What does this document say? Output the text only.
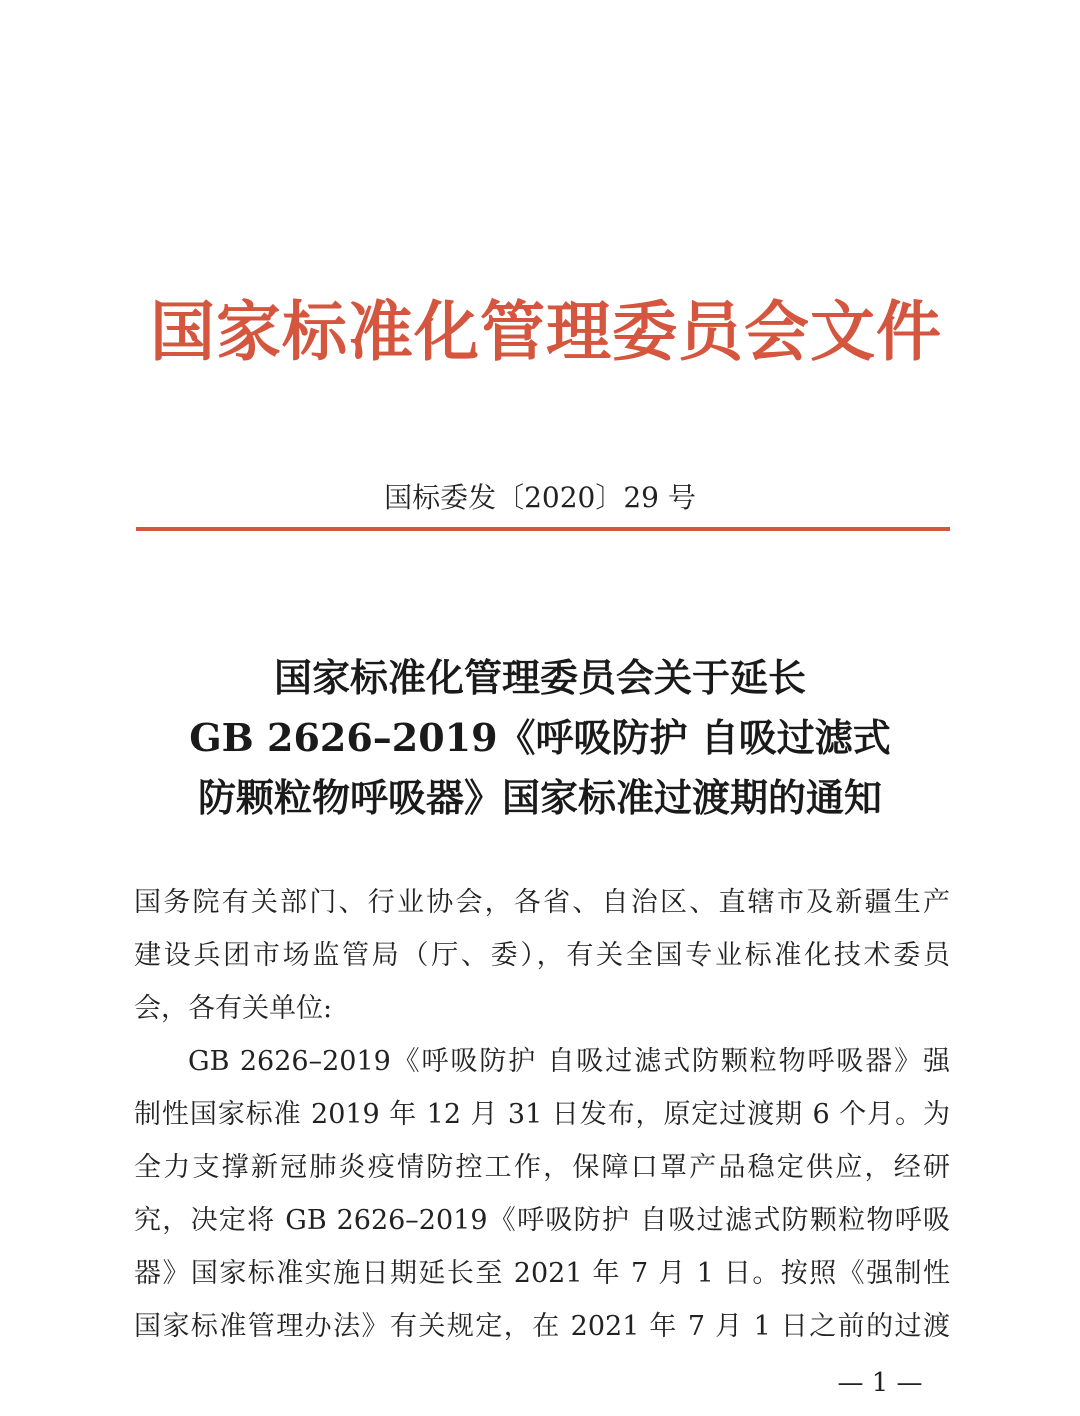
国家标准化管理委员会文件
国标委发〔2020〕29 号
国家标准化管理委员会关于延长
GB 2626–2019《呼吸防护 自吸过滤式
防颗粒物呼吸器》国家标准过渡期的通知
国务院有关部门、行业协会，各省、自治区、直辖市及新疆生产
建设兵团市场监管局（厅、委），有关全国专业标准化技术委员
会，各有关单位:
GB 2626–2019《呼吸防护 自吸过滤式防颗粒物呼吸器》强
制性国家标准 2019 年 12 月 31 日发布，原定过渡期 6 个月。为
全力支撑新冠肺炎疫情防控工作，保障口罩产品稳定供应，经研
究，决定将 GB 2626–2019《呼吸防护 自吸过滤式防颗粒物呼吸
器》国家标准实施日期延长至 2021 年 7 月 1 日。按照《强制性
国家标准管理办法》有关规定，在 2021 年 7 月 1 日之前的过渡
— 1 —
